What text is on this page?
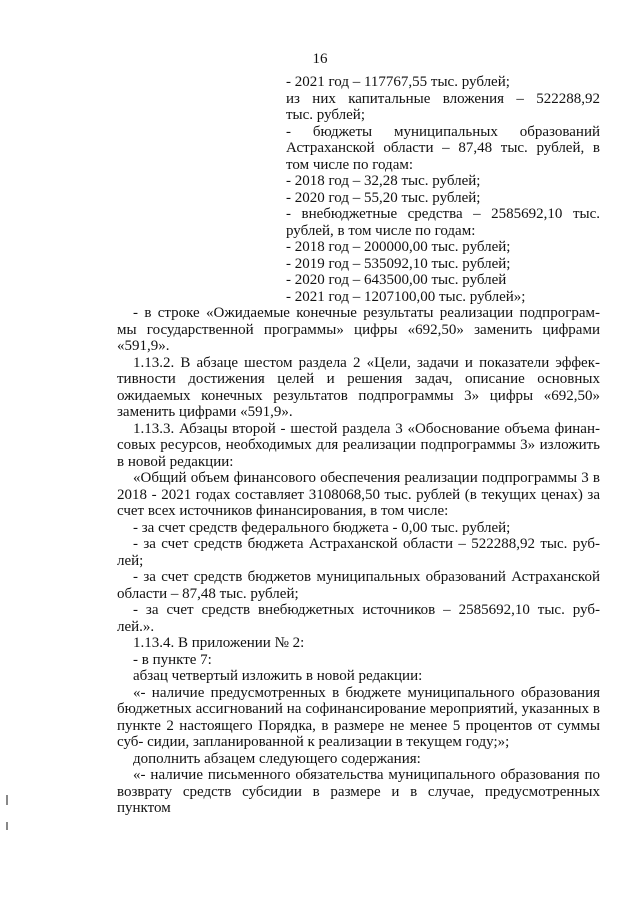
16
- 2021 год – 117767,55 тыс. рублей;
из них капитальные вложения – 522288,92
тыс. рублей;
- бюджеты муниципальных образований
Астраханской области – 87,48 тыс. рублей, в
том числе по годам:
- 2018 год – 32,28 тыс. рублей;
- 2020 год – 55,20 тыс. рублей;
- внебюджетные средства – 2585692,10 тыс.
рублей, в том числе по годам:
- 2018 год – 200000,00 тыс. рублей;
- 2019 год – 535092,10 тыс. рублей;
- 2020 год – 643500,00 тыс. рублей
- 2021 год – 1207100,00 тыс. рублей»;

- в строке «Ожидаемые конечные результаты реализации подпрограм- мы государственной программы» цифры «692,50» заменить цифрами «591,9».

1.13.2. В абзаце шестом раздела 2 «Цели, задачи и показатели эффек- тивности достижения целей и решения задач, описание основных ожидаемых конечных результатов подпрограммы 3» цифры «692,50» заменить цифрами «591,9».

1.13.3. Абзацы второй - шестой раздела 3 «Обоснование объема финан- совых ресурсов, необходимых для реализации подпрограммы 3» изложить в новой редакции:

«Общий объем финансового обеспечения реализации подпрограммы 3 в 2018 - 2021 годах составляет 3108068,50 тыс. рублей (в текущих ценах) за счет всех источников финансирования, в том числе:

- за счет средств федерального бюджета - 0,00 тыс. рублей;

- за счет средств бюджета Астраханской области – 522288,92 тыс. руб- лей;

- за счет средств бюджетов муниципальных образований Астраханской области – 87,48 тыс. рублей;

- за счет средств внебюджетных источников – 2585692,10 тыс. руб- лей.».

1.13.4. В приложении № 2:

- в пункте 7:

абзац четвертый изложить в новой редакции:

«- наличие предусмотренных в бюджете муниципального образования бюджетных ассигнований на софинансирование мероприятий, указанных в пункте 2 настоящего Порядка, в размере не менее 5 процентов от суммы суб- сидии, запланированной к реализации в текущем году;»;

дополнить абзацем следующего содержания:

«- наличие письменного обязательства муниципального образования по возврату средств субсидии в размере и в случае, предусмотренных пунктом
